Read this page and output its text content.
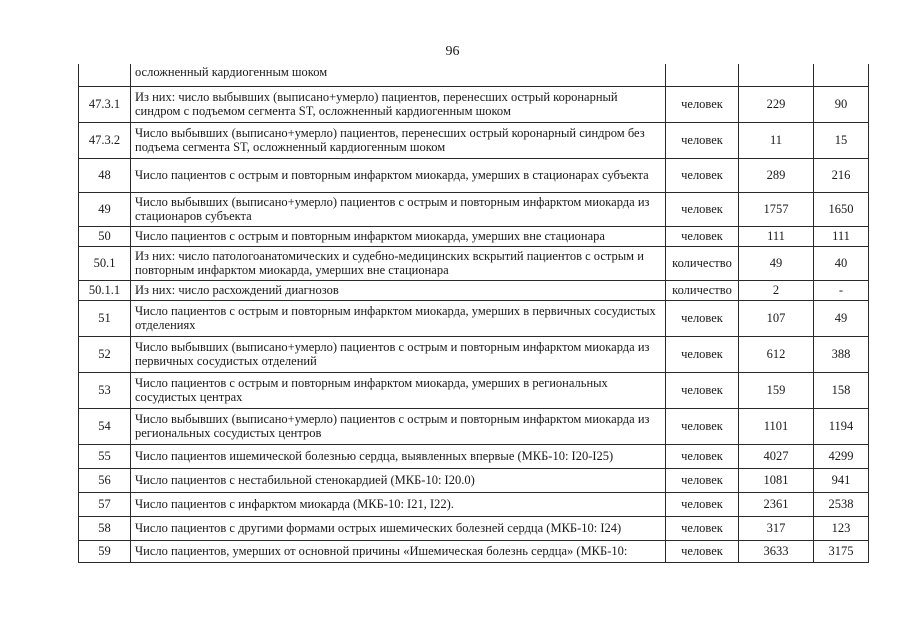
96
	осложненный кардиогенным шоком			
47.3.1	Из них: число выбывших (выписано+умерло) пациентов, перенесших острый коронарный синдром с подъемом сегмента ST, осложненный кардиогенным шоком	человек	229	90
47.3.2	Число выбывших (выписано+умерло) пациентов, перенесших острый коронарный синдром без подъема сегмента ST, осложненный кардиогенным шоком	человек	11	15
48	Число пациентов с острым и повторным инфарктом миокарда, умерших в стационарах субъекта	человек	289	216
49	Число выбывших (выписано+умерло) пациентов с острым и повторным инфарктом миокарда из стационаров субъекта	человек	1757	1650
50	Число пациентов с острым и повторным инфарктом миокарда, умерших вне стационара	человек	111	111
50.1	Из них: число патологоанатомических и судебно-медицинских вскрытий пациентов с острым и повторным инфарктом миокарда, умерших вне стационара	количество	49	40
50.1.1	Из них: число расхождений диагнозов	количество	2	-
51	Число пациентов с острым и повторным инфарктом миокарда, умерших в первичных сосудистых отделениях	человек	107	49
52	Число выбывших (выписано+умерло) пациентов с острым и повторным инфарктом миокарда из первичных сосудистых отделений	человек	612	388
53	Число пациентов с острым и повторным инфарктом миокарда, умерших в региональных сосудистых центрах	человек	159	158
54	Число выбывших (выписано+умерло) пациентов с острым и повторным инфарктом миокарда из региональных сосудистых центров	человек	1101	1194
55	Число пациентов ишемической болезнью сердца, выявленных впервые (МКБ-10: I20-I25)	человек	4027	4299
56	Число пациентов с нестабильной стенокардией (МКБ-10: I20.0)	человек	1081	941
57	Число пациентов с инфарктом миокарда (МКБ-10: I21, I22).	человек	2361	2538
58	Число пациентов с другими формами острых ишемических болезней сердца (МКБ-10: I24)	человек	317	123
59	Число пациентов, умерших от основной причины «Ишемическая болезнь сердца» (МКБ-10:	человек	3633	3175
